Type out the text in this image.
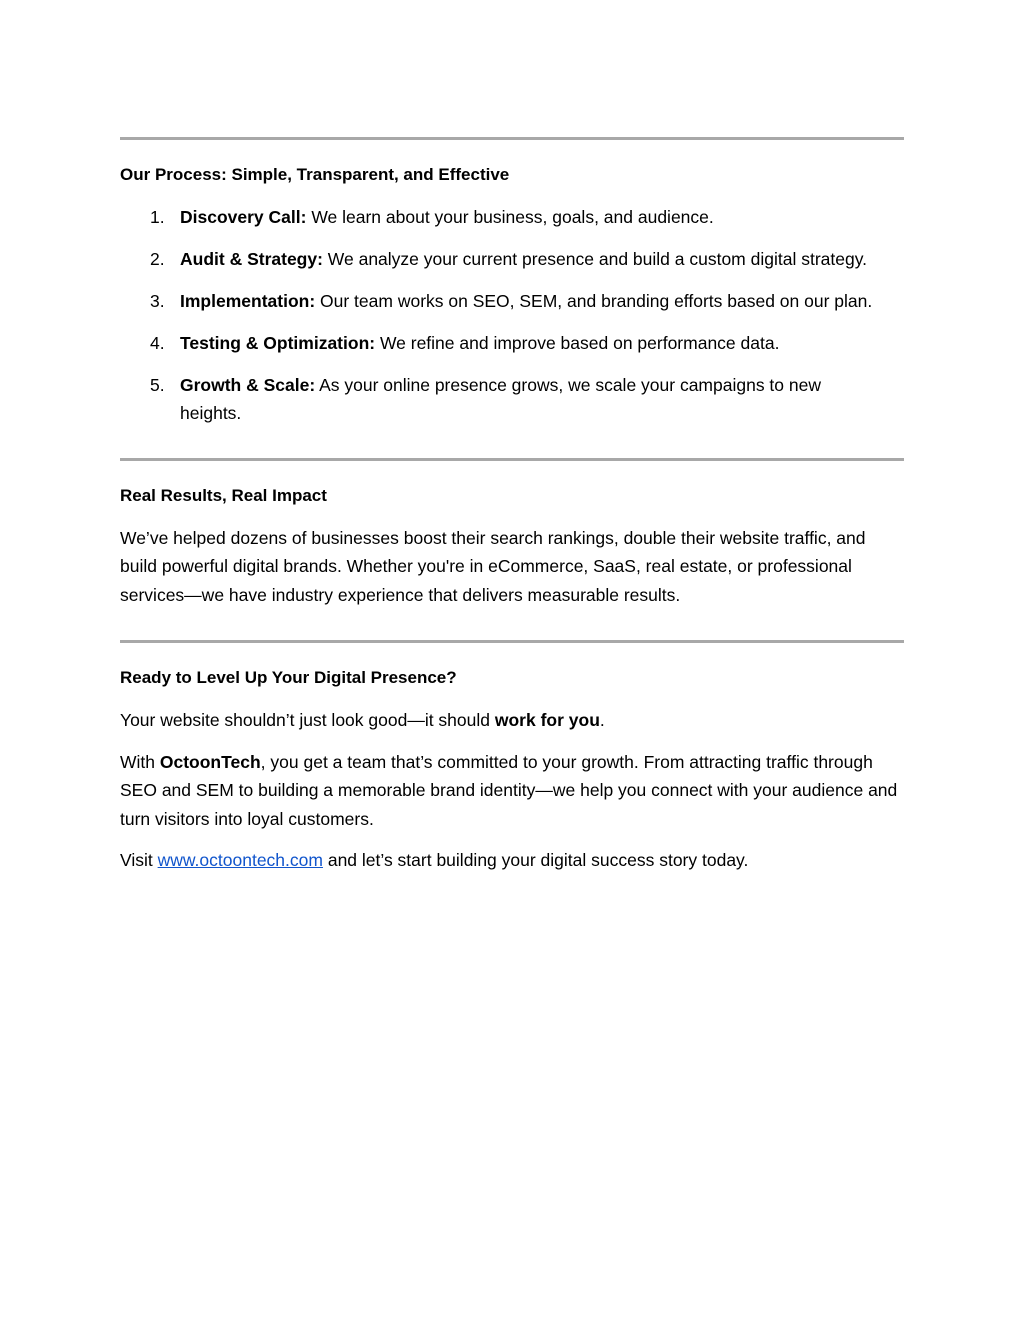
Our Process: Simple, Transparent, and Effective
1. Discovery Call: We learn about your business, goals, and audience.
2. Audit & Strategy: We analyze your current presence and build a custom digital strategy.
3. Implementation: Our team works on SEO, SEM, and branding efforts based on our plan.
4. Testing & Optimization: We refine and improve based on performance data.
5. Growth & Scale: As your online presence grows, we scale your campaigns to new heights.
Real Results, Real Impact
We’ve helped dozens of businesses boost their search rankings, double their website traffic, and build powerful digital brands. Whether you're in eCommerce, SaaS, real estate, or professional services—we have industry experience that delivers measurable results.
Ready to Level Up Your Digital Presence?
Your website shouldn’t just look good—it should work for you.
With OctoonTech, you get a team that’s committed to your growth. From attracting traffic through SEO and SEM to building a memorable brand identity—we help you connect with your audience and turn visitors into loyal customers.
Visit www.octoontech.com and let’s start building your digital success story today.
